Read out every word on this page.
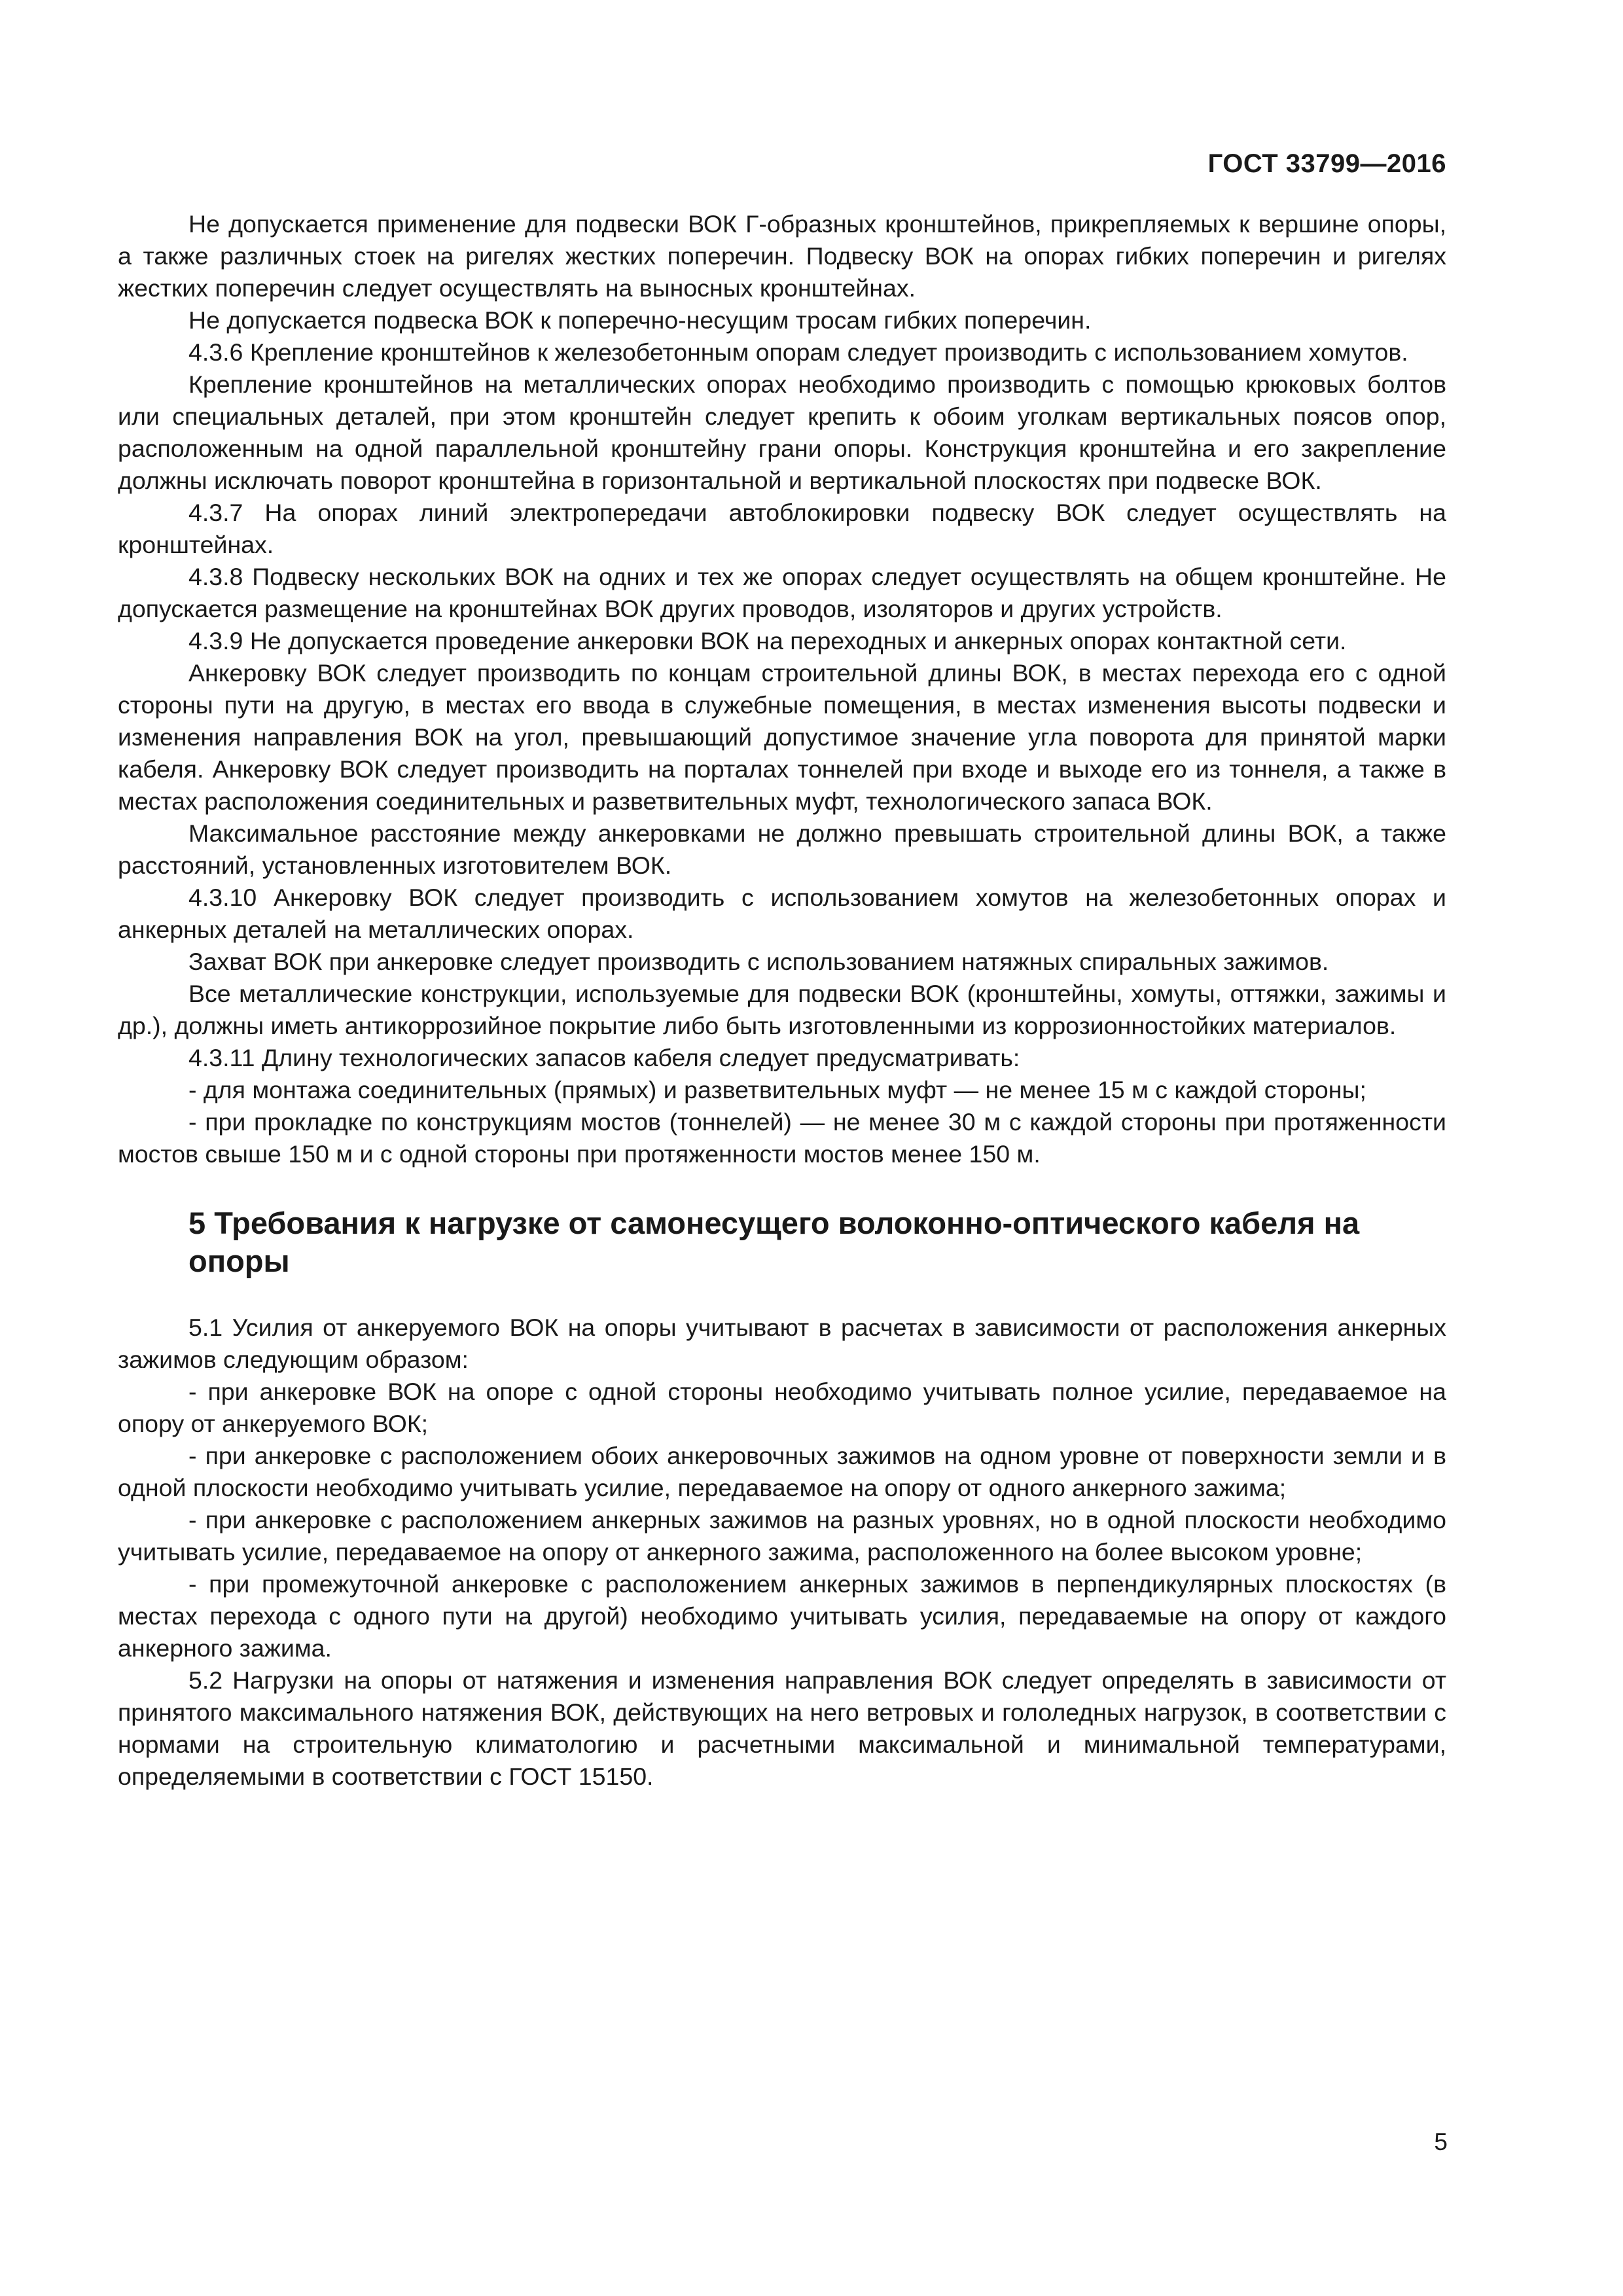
ГОСТ 33799—2016

Не допускается применение для подвески ВОК Г-образных кронштейнов, прикрепляемых к вершине опоры, а также различных стоек на ригелях жестких поперечин. Подвеску ВОК на опорах гибких поперечин и ригелях жестких поперечин следует осуществлять на выносных кронштейнах.

Не допускается подвеска ВОК к поперечно-несущим тросам гибких поперечин.

4.3.6 Крепление кронштейнов к железобетонным опорам следует производить с использованием хомутов.

Крепление кронштейнов на металлических опорах необходимо производить с помощью крюковых болтов или специальных деталей, при этом кронштейн следует крепить к обоим уголкам вертикальных поясов опор, расположенным на одной параллельной кронштейну грани опоры. Конструкция кронштейна и его закрепление должны исключать поворот кронштейна в горизонтальной и вертикальной плоскостях при подвеске ВОК.

4.3.7 На опорах линий электропередачи автоблокировки подвеску ВОК следует осуществлять на кронштейнах.

4.3.8 Подвеску нескольких ВОК на одних и тех же опорах следует осуществлять на общем кронштейне. Не допускается размещение на кронштейнах ВОК других проводов, изоляторов и других устройств.

4.3.9 Не допускается проведение анкеровки ВОК на переходных и анкерных опорах контактной сети.

Анкеровку ВОК следует производить по концам строительной длины ВОК, в местах перехода его с одной стороны пути на другую, в местах его ввода в служебные помещения, в местах изменения высоты подвески и изменения направления ВОК на угол, превышающий допустимое значение угла поворота для принятой марки кабеля. Анкеровку ВОК следует производить на порталах тоннелей при входе и выходе его из тоннеля, а также в местах расположения соединительных и разветвительных муфт, технологического запаса ВОК.

Максимальное расстояние между анкеровками не должно превышать строительной длины ВОК, а также расстояний, установленных изготовителем ВОК.

4.3.10 Анкеровку ВОК следует производить с использованием хомутов на железобетонных опорах и анкерных деталей на металлических опорах.

Захват ВОК при анкеровке следует производить с использованием натяжных спиральных зажимов.

Все металлические конструкции, используемые для подвески ВОК (кронштейны, хомуты, оттяжки, зажимы и др.), должны иметь антикоррозийное покрытие либо быть изготовленными из коррозионностойких материалов.

4.3.11 Длину технологических запасов кабеля следует предусматривать:

- для монтажа соединительных (прямых) и разветвительных муфт — не менее 15 м с каждой стороны;

- при прокладке по конструкциям мостов (тоннелей) — не менее 30 м с каждой стороны при протяженности мостов свыше 150 м и с одной стороны при протяженности мостов менее 150 м.

5 Требования к нагрузке от самонесущего волоконно-оптического кабеля на опоры

5.1 Усилия от анкеруемого ВОК на опоры учитывают в расчетах в зависимости от расположения анкерных зажимов следующим образом:

- при анкеровке ВОК на опоре с одной стороны необходимо учитывать полное усилие, передаваемое на опору от анкеруемого ВОК;

- при анкеровке с расположением обоих анкеровочных зажимов на одном уровне от поверхности земли и в одной плоскости необходимо учитывать усилие, передаваемое на опору от одного анкерного зажима;

- при анкеровке с расположением анкерных зажимов на разных уровнях, но в одной плоскости необходимо учитывать усилие, передаваемое на опору от анкерного зажима, расположенного на более высоком уровне;

- при промежуточной анкеровке с расположением анкерных зажимов в перпендикулярных плоскостях (в местах перехода с одного пути на другой) необходимо учитывать усилия, передаваемые на опору от каждого анкерного зажима.

5.2 Нагрузки на опоры от натяжения и изменения направления ВОК следует определять в зависимости от принятого максимального натяжения ВОК, действующих на него ветровых и гололедных нагрузок, в соответствии с нормами на строительную климатологию и расчетными максимальной и минимальной температурами, определяемыми в соответствии с ГОСТ 15150.

5
